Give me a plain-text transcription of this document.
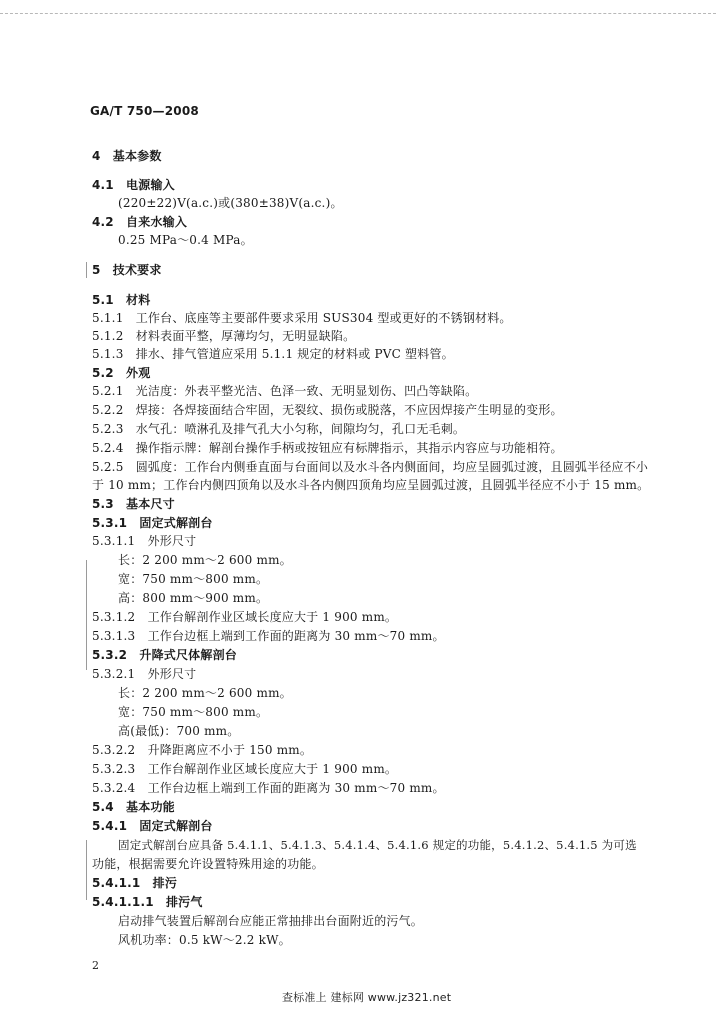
GA/T 750—2008
4　基本参数
4.1　电源输入
(220±22)V(a.c.)或(380±38)V(a.c.)。
4.2　自来水输入
0.25 MPa～0.4 MPa。
5　技术要求
5.1　材料
5.1.1　工作台、底座等主要部件要求采用 SUS304 型或更好的不锈钢材料。
5.1.2　材料表面平整，厚薄均匀，无明显缺陷。
5.1.3　排水、排气管道应采用 5.1.1 规定的材料或 PVC 塑料管。
5.2　外观
5.2.1　光洁度：外表平整光洁、色泽一致、无明显划伤、凹凸等缺陷。
5.2.2　焊接：各焊接面结合牢固，无裂纹、损伤或脱落，不应因焊接产生明显的变形。
5.2.3　水气孔：喷淋孔及排气孔大小匀称，间隙均匀，孔口无毛刺。
5.2.4　操作指示牌：解剖台操作手柄或按钮应有标牌指示，其指示内容应与功能相符。
5.2.5　圆弧度：工作台内侧垂直面与台面间以及水斗各内侧面间，均应呈圆弧过渡，且圆弧半径应不小
于 10 mm；工作台内侧四顶角以及水斗各内侧四顶角均应呈圆弧过渡，且圆弧半径应不小于 15 mm。
5.3　基本尺寸
5.3.1　固定式解剖台
5.3.1.1　外形尺寸
长：2 200 mm～2 600 mm。
宽：750 mm～800 mm。
高：800 mm～900 mm。
5.3.1.2　工作台解剖作业区域长度应大于 1 900 mm。
5.3.1.3　工作台边框上端到工作面的距离为 30 mm～70 mm。
5.3.2　升降式尺体解剖台
5.3.2.1　外形尺寸
长：2 200 mm～2 600 mm。
宽：750 mm～800 mm。
高(最低)：700 mm。
5.3.2.2　升降距离应不小于 150 mm。
5.3.2.3　工作台解剖作业区域长度应大于 1 900 mm。
5.3.2.4　工作台边框上端到工作面的距离为 30 mm～70 mm。
5.4　基本功能
5.4.1　固定式解剖台
固定式解剖台应具备 5.4.1.1、5.4.1.3、5.4.1.4、5.4.1.6 规定的功能，5.4.1.2、5.4.1.5 为可选
功能，根据需要允许设置特殊用途的功能。
5.4.1.1　排污
5.4.1.1.1　排污气
启动排气装置后解剖台应能正常抽排出台面附近的污气。
风机功率：0.5 kW～2.2 kW。
2
查标准上 建标网 www.jz321.net
